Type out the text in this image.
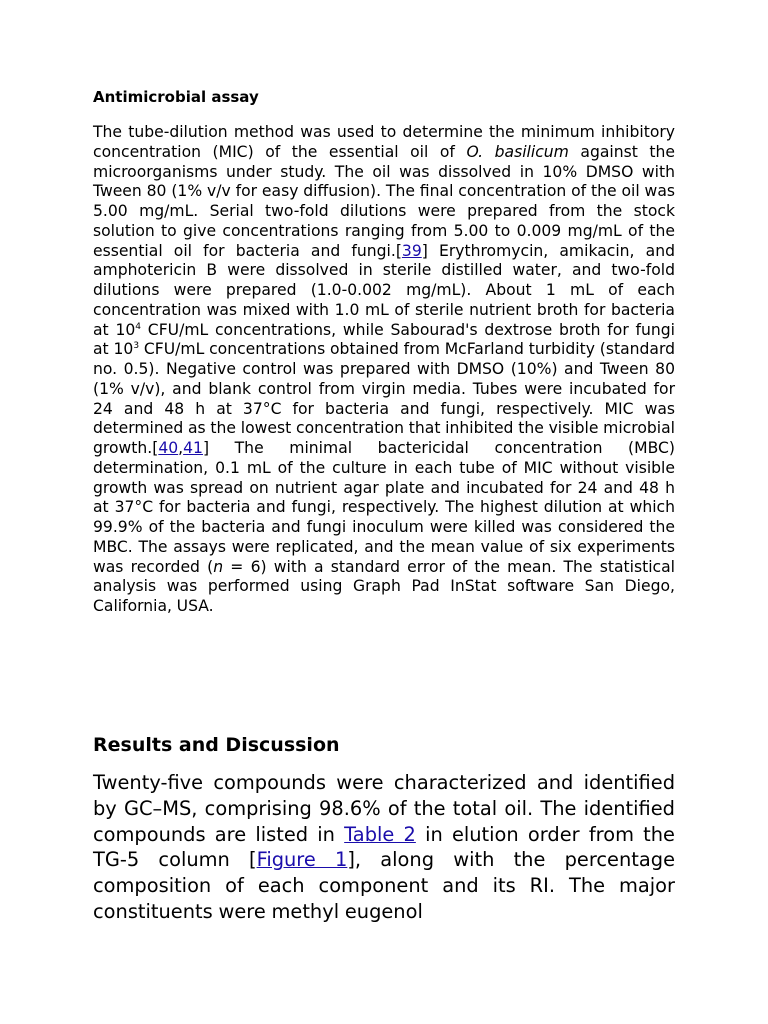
Antimicrobial assay

The tube-dilution method was used to determine the minimum inhibitory concentration (MIC) of the essential oil of O. basilicum against the microorganisms under study. The oil was dissolved in 10% DMSO with Tween 80 (1% v/v for easy diffusion). The final concentration of the oil was 5.00 mg/mL. Serial two-fold dilutions were prepared from the stock solution to give concentrations ranging from 5.00 to 0.009 mg/mL of the essential oil for bacteria and fungi.[39] Erythromycin, amikacin, and amphotericin B were dissolved in sterile distilled water, and two-fold dilutions were prepared (1.0-0.002 mg/mL). About 1 mL of each concentration was mixed with 1.0 mL of sterile nutrient broth for bacteria at $10^4$ CFU/mL concentrations, while Sabourad's dextrose broth for fungi at $10^3$ CFU/mL concentrations obtained from McFarland turbidity (standard no. 0.5). Negative control was prepared with DMSO (10%) and Tween 80 (1% v/v), and blank control from virgin media. Tubes were incubated for 24 and 48 h at 37°C for bacteria and fungi, respectively. MIC was determined as the lowest concentration that inhibited the visible microbial growth.[40,41] The minimal bactericidal concentration (MBC) determination, 0.1 mL of the culture in each tube of MIC without visible growth was spread on nutrient agar plate and incubated for 24 and 48 h at 37°C for bacteria and fungi, respectively. The highest dilution at which 99.9% of the bacteria and fungi inoculum were killed was considered the MBC. The assays were replicated, and the mean value of six experiments was recorded (n = 6) with a standard error of the mean. The statistical analysis was performed using Graph Pad InStat software San Diego, California, USA.

Results and Discussion

Twenty-five compounds were characterized and identified by GC–MS, comprising 98.6% of the total oil. The identified compounds are listed in Table 2 in elution order from the TG-5 column [Figure 1], along with the percentage composition of each component and its RI. The major constituents were methyl eugenol
